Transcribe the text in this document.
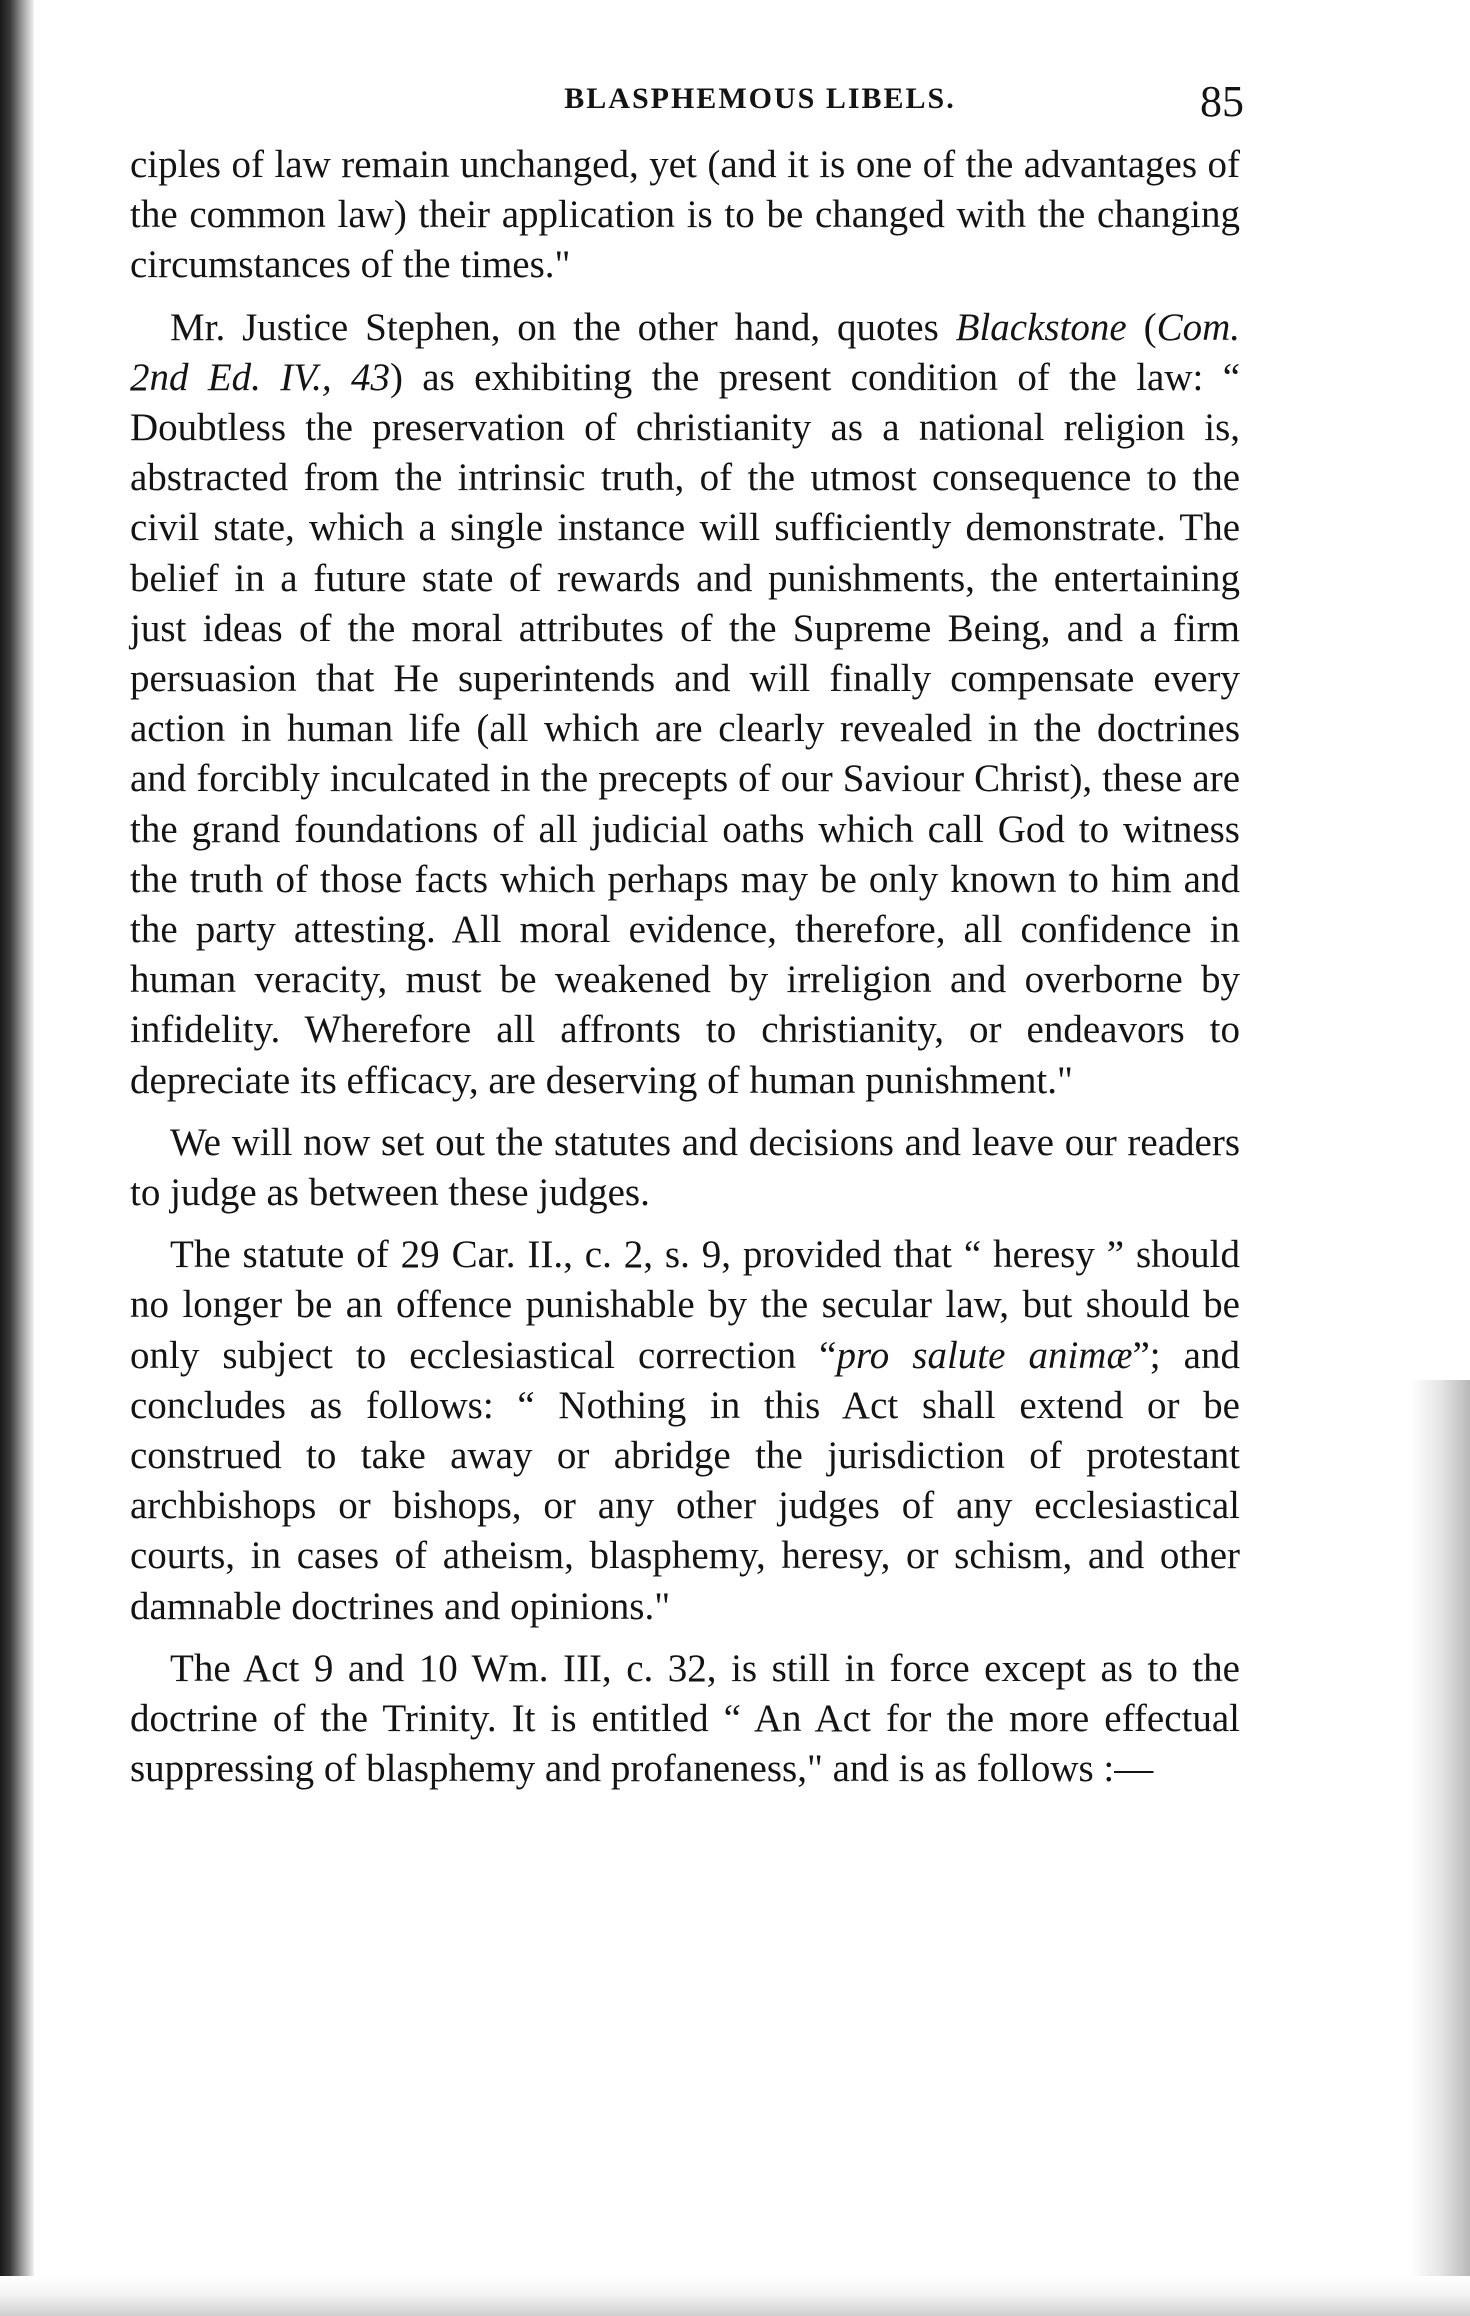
BLASPHEMOUS LIBELS.	85

ciples of law remain unchanged, yet (and it is one of the advantages of the common law) their application is to be changed with the changing circumstances of the times."

Mr. Justice Stephen, on the other hand, quotes Blackstone (Com. 2nd Ed. IV., 43) as exhibiting the present condition of the law: “ Doubtless the preservation of christianity as a national religion is, abstracted from the intrinsic truth, of the utmost consequence to the civil state, which a single instance will sufficiently demonstrate. The belief in a future state of rewards and punishments, the entertaining just ideas of the moral attributes of the Supreme Being, and a firm persuasion that He superintends and will finally compensate every action in human life (all which are clearly revealed in the doctrines and forcibly inculcated in the precepts of our Saviour Christ), these are the grand foundations of all judicial oaths which call God to witness the truth of those facts which perhaps may be only known to him and the party attesting. All moral evidence, therefore, all confidence in human veracity, must be weakened by irreligion and overborne by infidelity. Wherefore all affronts to christianity, or endeavors to depreciate its efficacy, are deserving of human punishment."

We will now set out the statutes and decisions and leave our readers to judge as between these judges.

The statute of 29 Car. II., c. 2, s. 9, provided that “ heresy ” should no longer be an offence punishable by the secular law, but should be only subject to ecclesiastical correction “pro salute animæ”; and concludes as follows: “ Nothing in this Act shall extend or be construed to take away or abridge the jurisdiction of protestant archbishops or bishops, or any other judges of any ecclesiastical courts, in cases of atheism, blasphemy, heresy, or schism, and other damnable doctrines and opinions."

The Act 9 and 10 Wm. III, c. 32, is still in force except as to the doctrine of the Trinity. It is entitled “ An Act for the more effectual suppressing of blasphemy and profaneness," and is as follows :—
